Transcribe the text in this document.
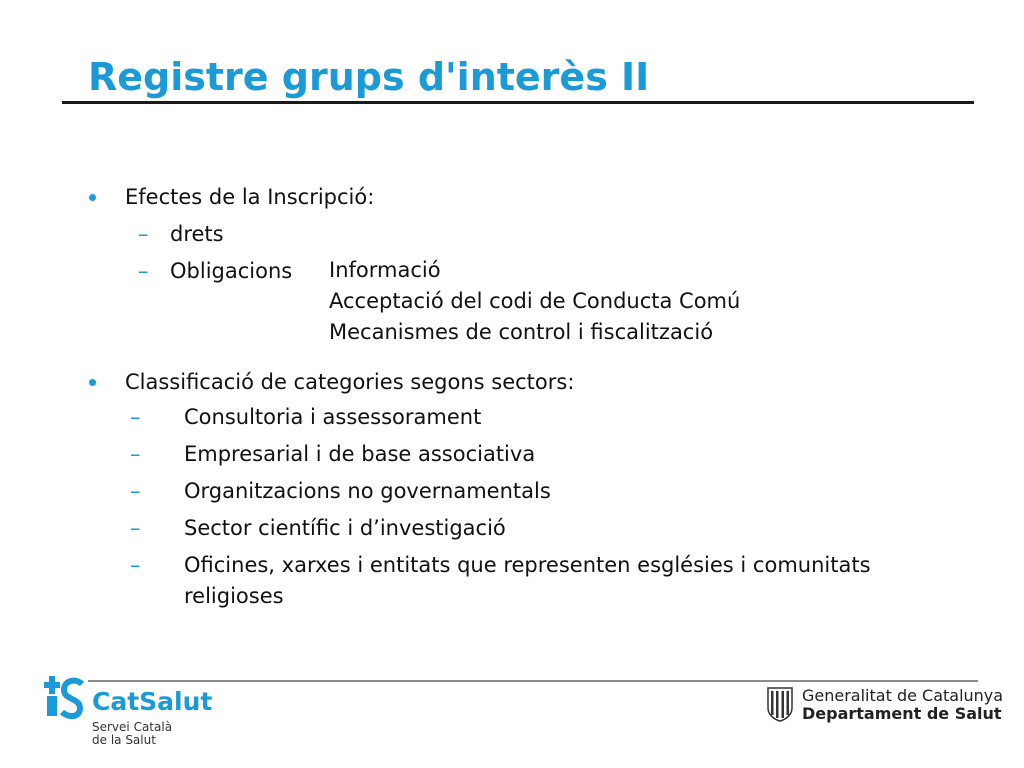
Registre grups d'interès II
Efectes de la Inscripció:
– drets
– Obligacions Informació
Acceptació del codi de Conducta Comú
Mecanismes de control i fiscalització
Classificació de categories segons sectors:
– Consultoria i assessorament
– Empresarial i de base associativa
– Organitzacions no governamentals
– Sector científic i d’investigació
– Oficines, xarxes i entitats que representen esglésies i comunitats
religioses
CatSalut
Servei Català
de la Salut
Generalitat de Catalunya
Departament de Salut
